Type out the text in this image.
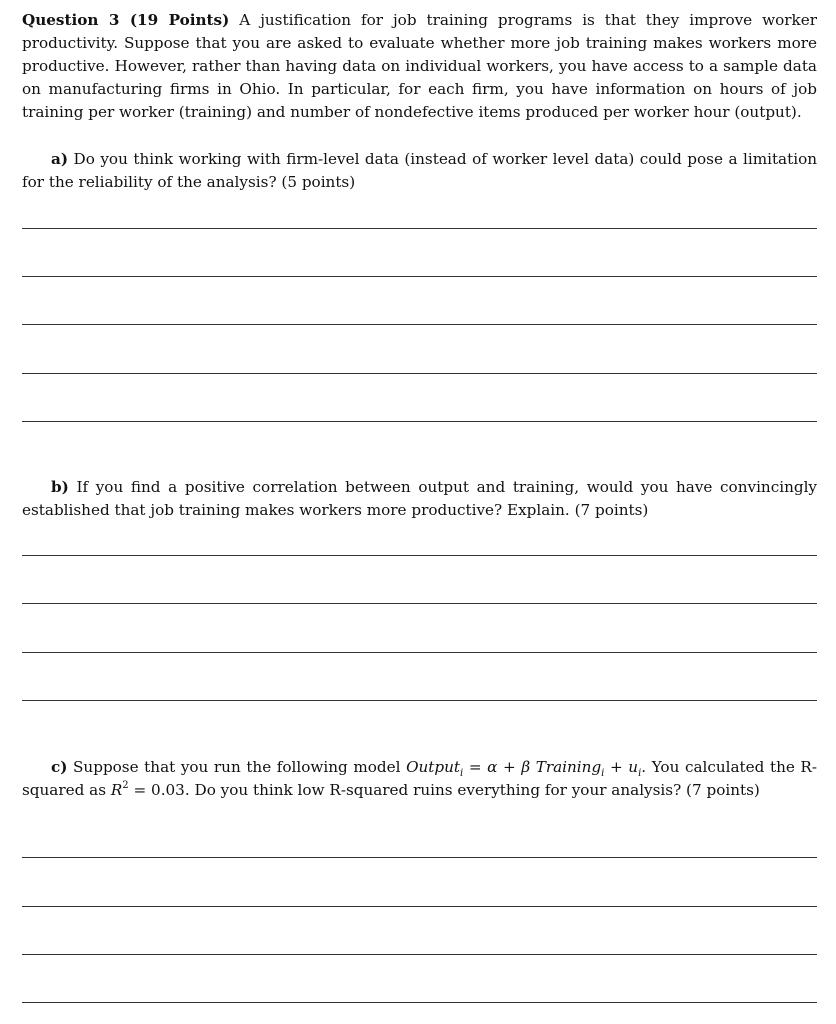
Question 3 (19 Points) A justification for job training programs is that they improve worker productivity. Suppose that you are asked to evaluate whether more job training makes workers more productive. However, rather than having data on individual workers, you have access to a sample data on manufacturing firms in Ohio. In particular, for each firm, you have information on hours of job training per worker (training) and number of nondefective items produced per worker hour (output).

a) Do you think working with firm-level data (instead of worker level data) could pose a limitation for the reliability of the analysis? (5 points)

b) If you find a positive correlation between output and training, would you have convincingly established that job training makes workers more productive? Explain. (7 points)

c) Suppose that you run the following model Output$_i$ = α + β Training$_i$ + $u_i$. You calculated the R-squared as $R^2 = 0.03$. Do you think low R-squared ruins everything for your analysis? (7 points)
